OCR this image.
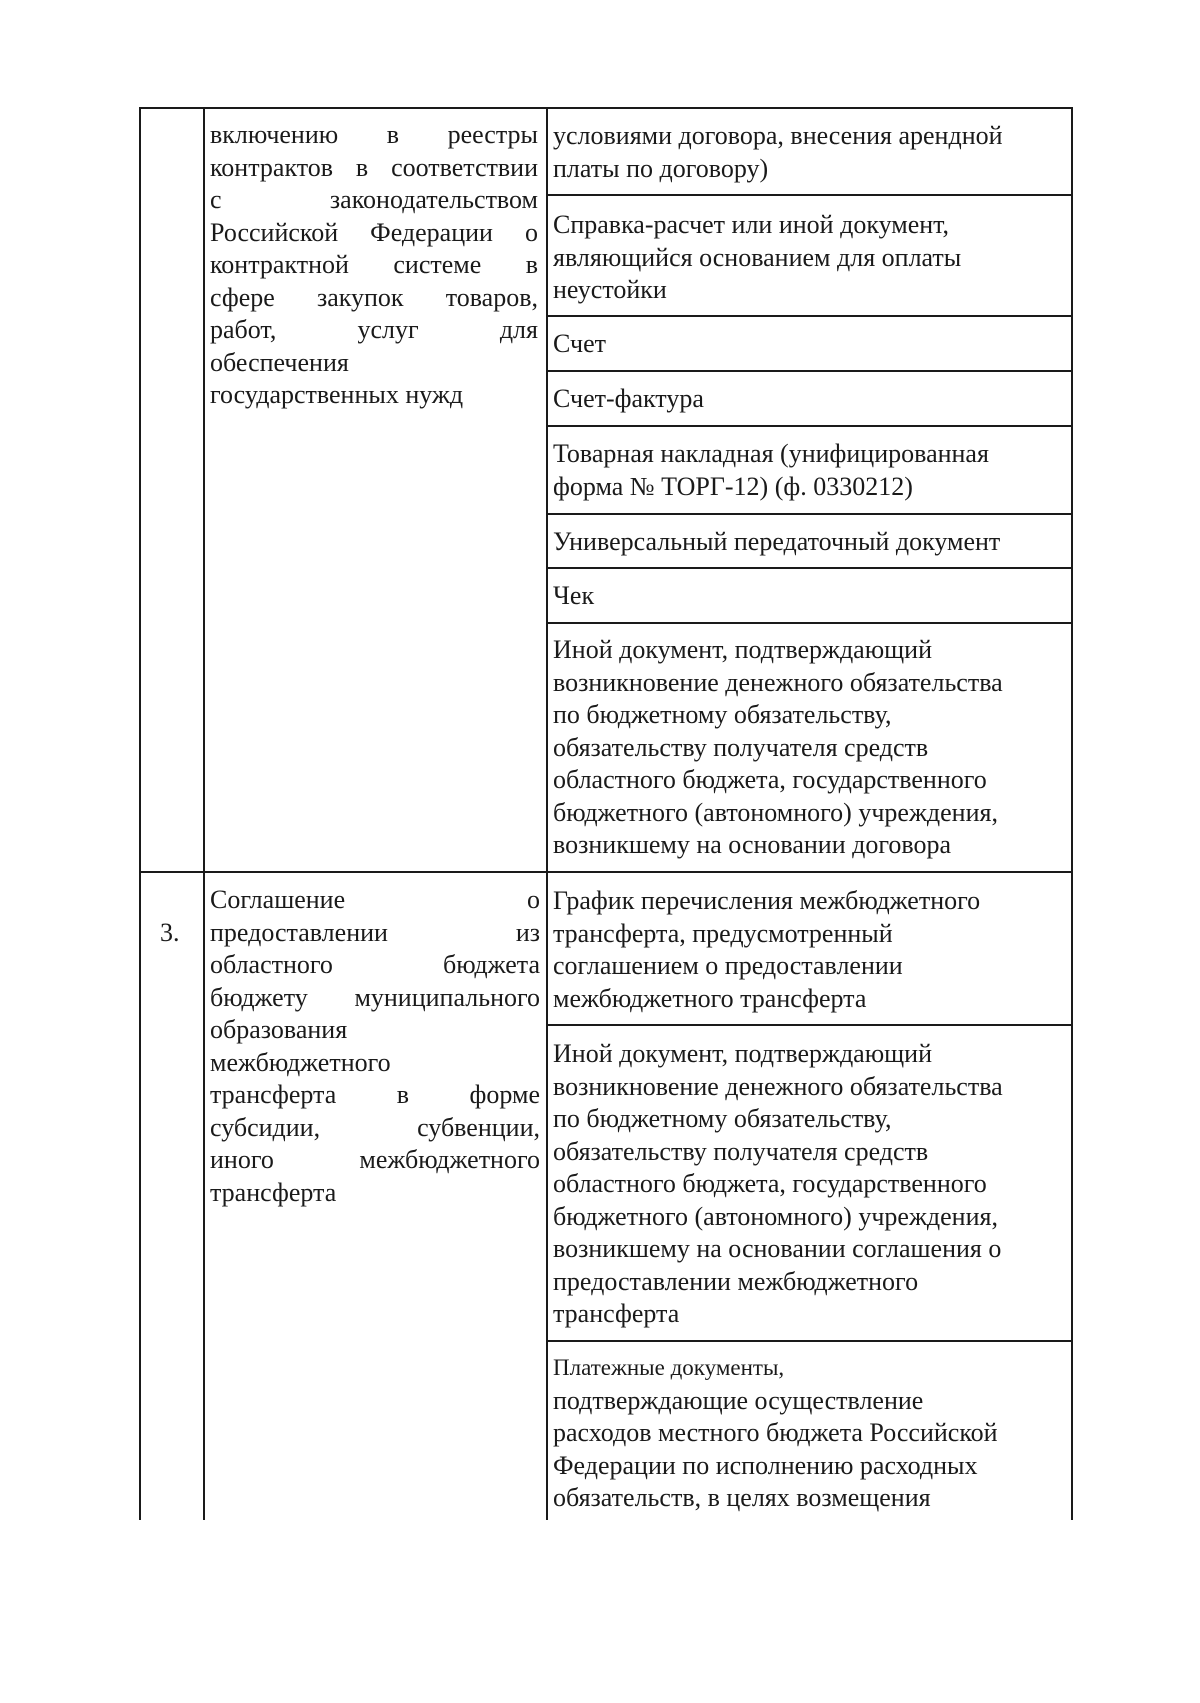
включению в реестры
контрактов в соответствии
с законодательством
Российской Федерации о
контрактной системе в
сфере закупок товаров,
работ, услуг для
обеспечения
государственных нужд
условиями договора, внесения арендной
платы по договору)
Справка-расчет или иной документ,
являющийся основанием для оплаты
неустойки
Счет
Счет-фактура
Товарная накладная (унифицированная
форма № ТОРГ-12) (ф. 0330212)
Универсальный передаточный документ
Чек
Иной документ, подтверждающий
возникновение денежного обязательства
по бюджетному обязательству,
обязательству получателя средств
областного бюджета, государственного
бюджетного (автономного) учреждения,
возникшему на основании договора
3.
Соглашение о
предоставлении из
областного бюджета
бюджету муниципального
образования
межбюджетного
трансферта в форме
субсидии, субвенции,
иного межбюджетного
трансферта
График перечисления межбюджетного
трансферта, предусмотренный
соглашением о предоставлении
межбюджетного трансферта
Иной документ, подтверждающий
возникновение денежного обязательства
по бюджетному обязательству,
обязательству получателя средств
областного бюджета, государственного
бюджетного (автономного) учреждения,
возникшему на основании соглашения о
предоставлении межбюджетного
трансферта
Платежные документы,
подтверждающие осуществление
расходов местного бюджета Российской
Федерации по исполнению расходных
обязательств, в целях возмещения
